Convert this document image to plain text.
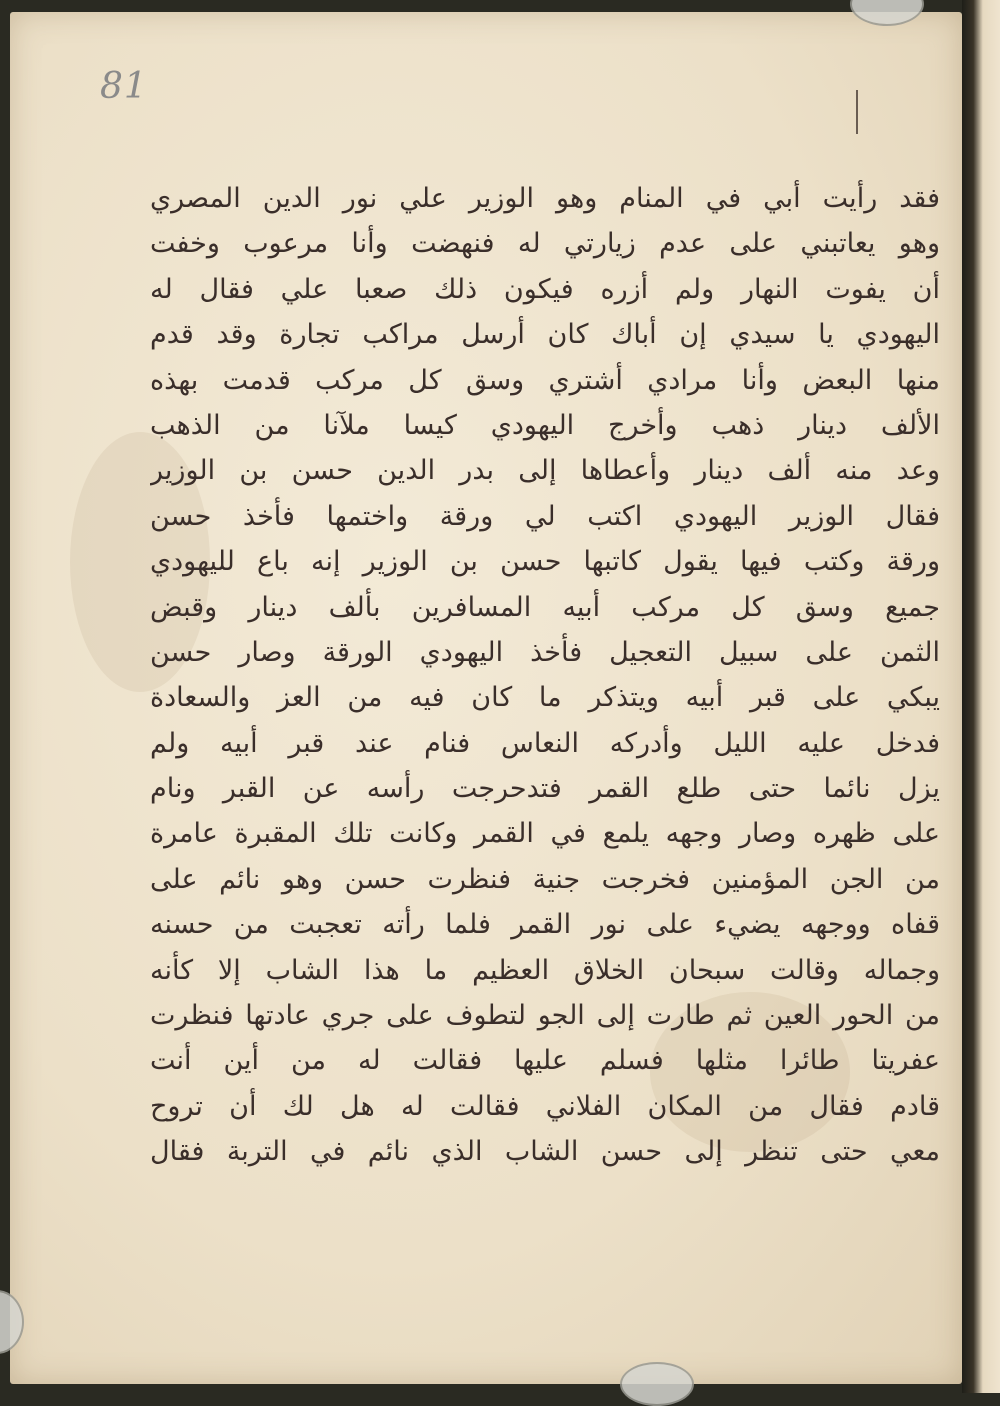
81
فقد رأيت أبي في المنام وهو الوزير علي نور الدين المصري
وهو يعاتبني على عدم زيارتي له فنهضت وأنا مرعوب وخفت
أن يفوت النهار ولم أزره فيكون ذلك صعبا علي فقال له
اليهودي يا سيدي إن أباك كان أرسل مراكب تجارة وقد قدم
منها البعض وأنا مرادي أشتري وسق كل مركب قدمت بهذه
الألف دينار ذهب وأخرج اليهودي كيسا ملآنا من الذهب
وعد منه ألف دينار وأعطاها إلى بدر الدين حسن بن الوزير
فقال الوزير اليهودي اكتب لي ورقة واختمها فأخذ حسن
ورقة وكتب فيها يقول كاتبها حسن بن الوزير إنه باع لليهودي
جميع وسق كل مركب أبيه المسافرين بألف دينار وقبض
الثمن على سبيل التعجيل فأخذ اليهودي الورقة وصار حسن
يبكي على قبر أبيه ويتذكر ما كان فيه من العز والسعادة
فدخل عليه الليل وأدركه النعاس فنام عند قبر أبيه ولم
يزل نائما حتى طلع القمر فتدحرجت رأسه عن القبر ونام
على ظهره وصار وجهه يلمع في القمر وكانت تلك المقبرة عامرة
من الجن المؤمنين فخرجت جنية فنظرت حسن وهو نائم على
قفاه ووجهه يضيء على نور القمر فلما رأته تعجبت من حسنه
وجماله وقالت سبحان الخلاق العظيم ما هذا الشاب إلا كأنه
من الحور العين ثم طارت إلى الجو لتطوف على جري عادتها فنظرت
عفريتا طائرا مثلها فسلم عليها فقالت له من أين أنت
قادم فقال من المكان الفلاني فقالت له هل لك أن تروح
معي حتى تنظر إلى حسن الشاب الذي نائم في التربة فقال
